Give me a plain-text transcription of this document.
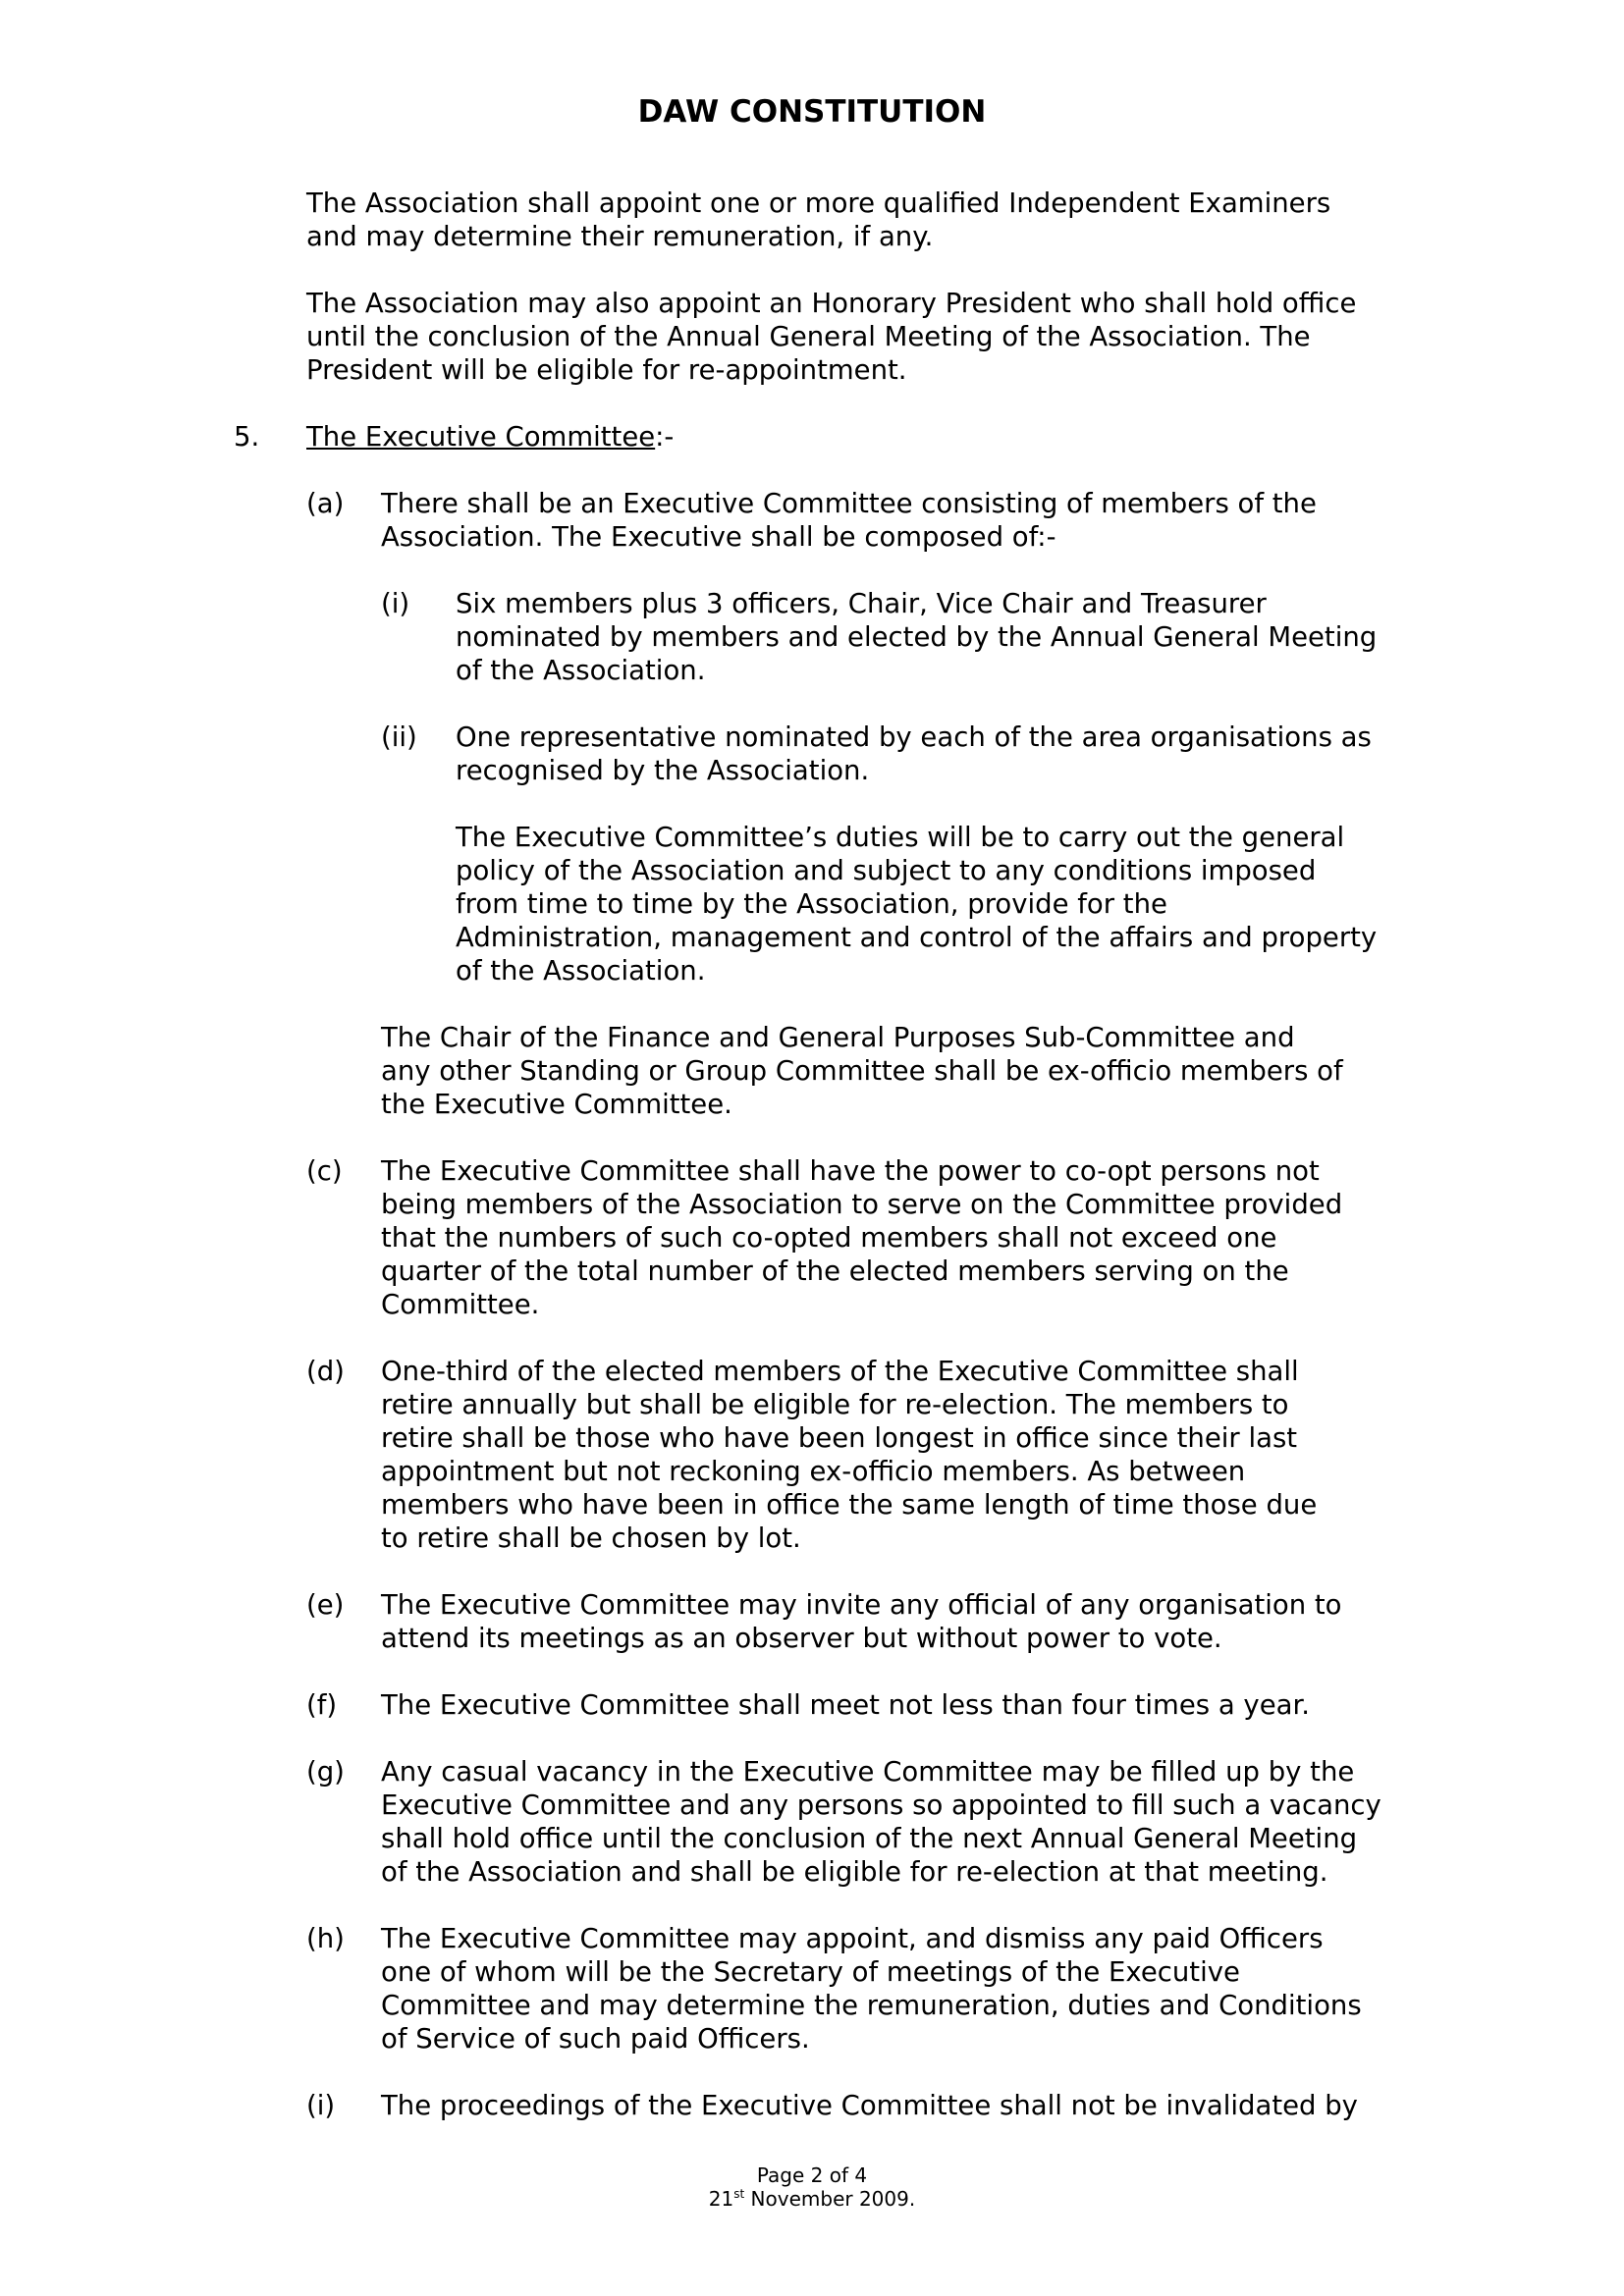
DAW CONSTITUTION

The Association shall appoint one or more qualified Independent Examiners
and may determine their remuneration, if any.

The Association may also appoint an Honorary President who shall hold office
until the conclusion of the Annual General Meeting of the Association. The
President will be eligible for re-appointment.

5. The Executive Committee:-

(a) There shall be an Executive Committee consisting of members of the
Association. The Executive shall be composed of:-

(i) Six members plus 3 officers, Chair, Vice Chair and Treasurer
nominated by members and elected by the Annual General Meeting
of the Association.

(ii) One representative nominated by each of the area organisations as
recognised by the Association.

The Executive Committee’s duties will be to carry out the general
policy of the Association and subject to any conditions imposed
from time to time by the Association, provide for the
Administration, management and control of the affairs and property
of the Association.

The Chair of the Finance and General Purposes Sub-Committee and
any other Standing or Group Committee shall be ex-officio members of
the Executive Committee.

(c) The Executive Committee shall have the power to co-opt persons not
being members of the Association to serve on the Committee provided
that the numbers of such co-opted members shall not exceed one
quarter of the total number of the elected members serving on the
Committee.

(d) One-third of the elected members of the Executive Committee shall
retire annually but shall be eligible for re-election. The members to
retire shall be those who have been longest in office since their last
appointment but not reckoning ex-officio members. As between
members who have been in office the same length of time those due
to retire shall be chosen by lot.

(e) The Executive Committee may invite any official of any organisation to
attend its meetings as an observer but without power to vote.

(f) The Executive Committee shall meet not less than four times a year.

(g) Any casual vacancy in the Executive Committee may be filled up by the
Executive Committee and any persons so appointed to fill such a vacancy
shall hold office until the conclusion of the next Annual General Meeting
of the Association and shall be eligible for re-election at that meeting.

(h) The Executive Committee may appoint, and dismiss any paid Officers
one of whom will be the Secretary of meetings of the Executive
Committee and may determine the remuneration, duties and Conditions
of Service of such paid Officers.

(i) The proceedings of the Executive Committee shall not be invalidated by

Page 2 of 4
21st November 2009.
